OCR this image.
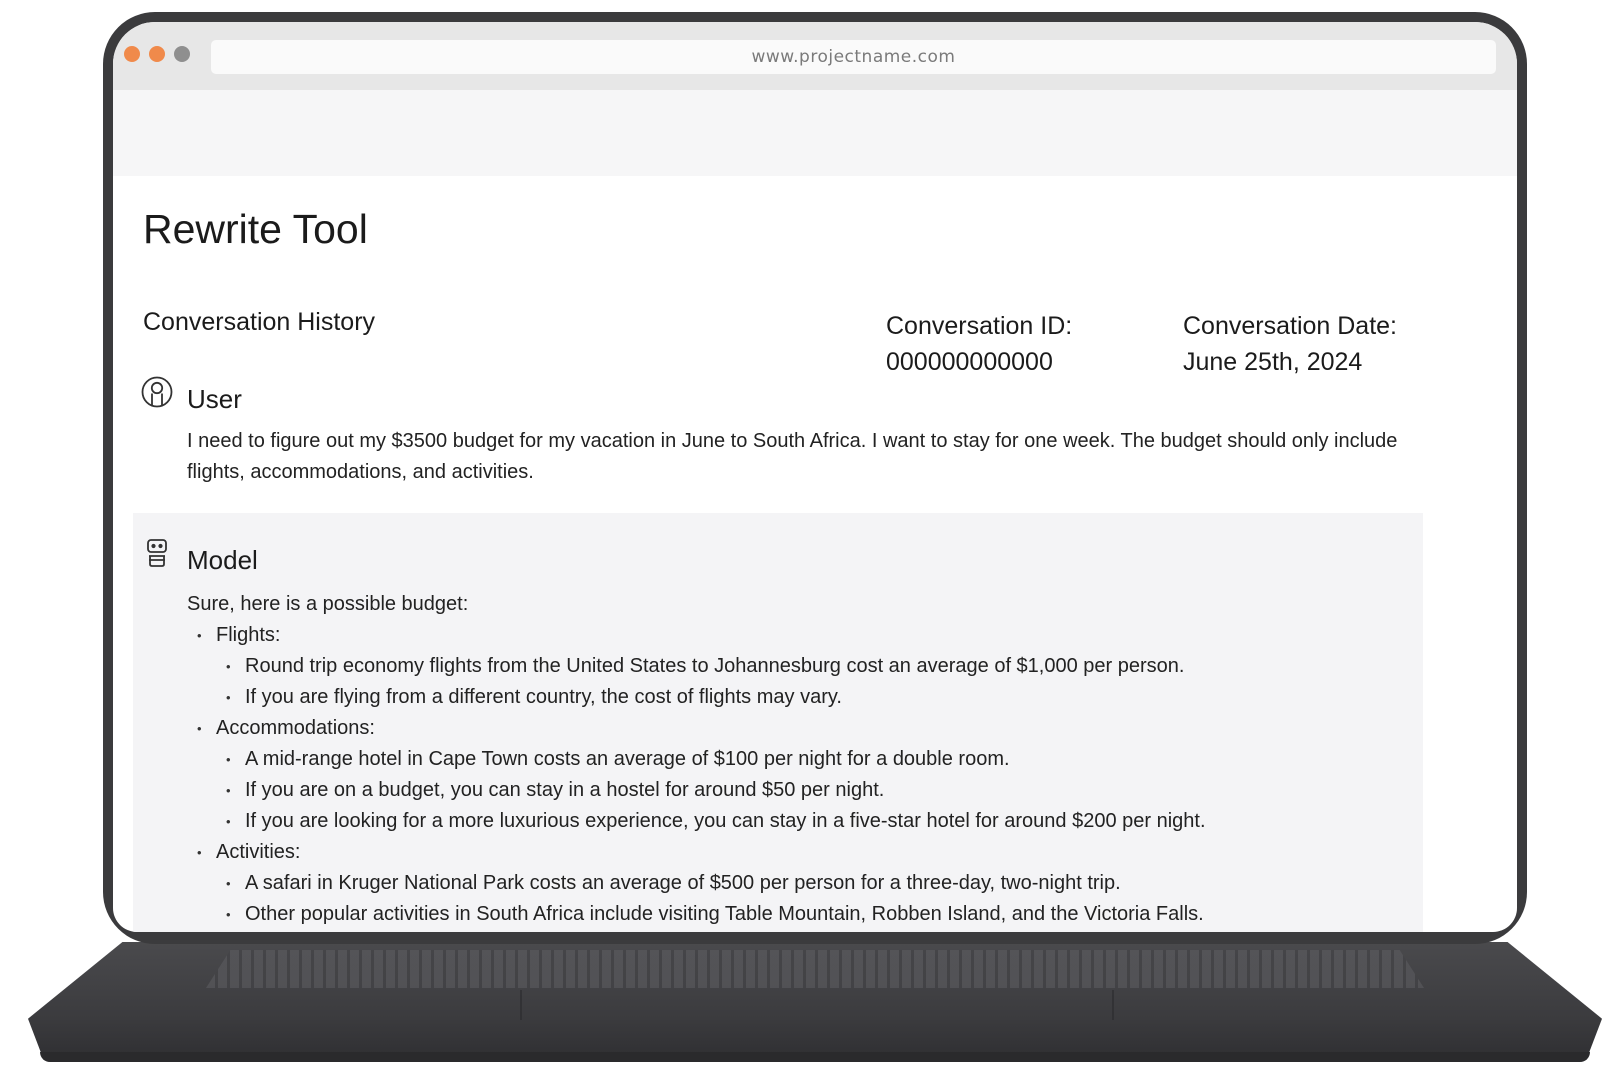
www.projectname.com
Rewrite Tool
Conversation History	Conversation ID:
000000000000
Conversation Date:
June 25th, 2024
User
I need to figure out my $3500 budget for my vacation in June to South Africa. I want to stay for one week. The budget should only include flights, accommodations, and activities.
Model
Sure, here is a possible budget:
• Flights:
• Round trip economy flights from the United States to Johannesburg cost an average of $1,000 per person.
• If you are flying from a different country, the cost of flights may vary.
• Accommodations:
• A mid-range hotel in Cape Town costs an average of $100 per night for a double room.
• If you are on a budget, you can stay in a hostel for around $50 per night.
• If you are looking for a more luxurious experience, you can stay in a five-star hotel for around $200 per night.
• Activities:
• A safari in Kruger National Park costs an average of $500 per person for a three-day, two-night trip.
• Other popular activities in South Africa include visiting Table Mountain, Robben Island, and the Victoria Falls.
